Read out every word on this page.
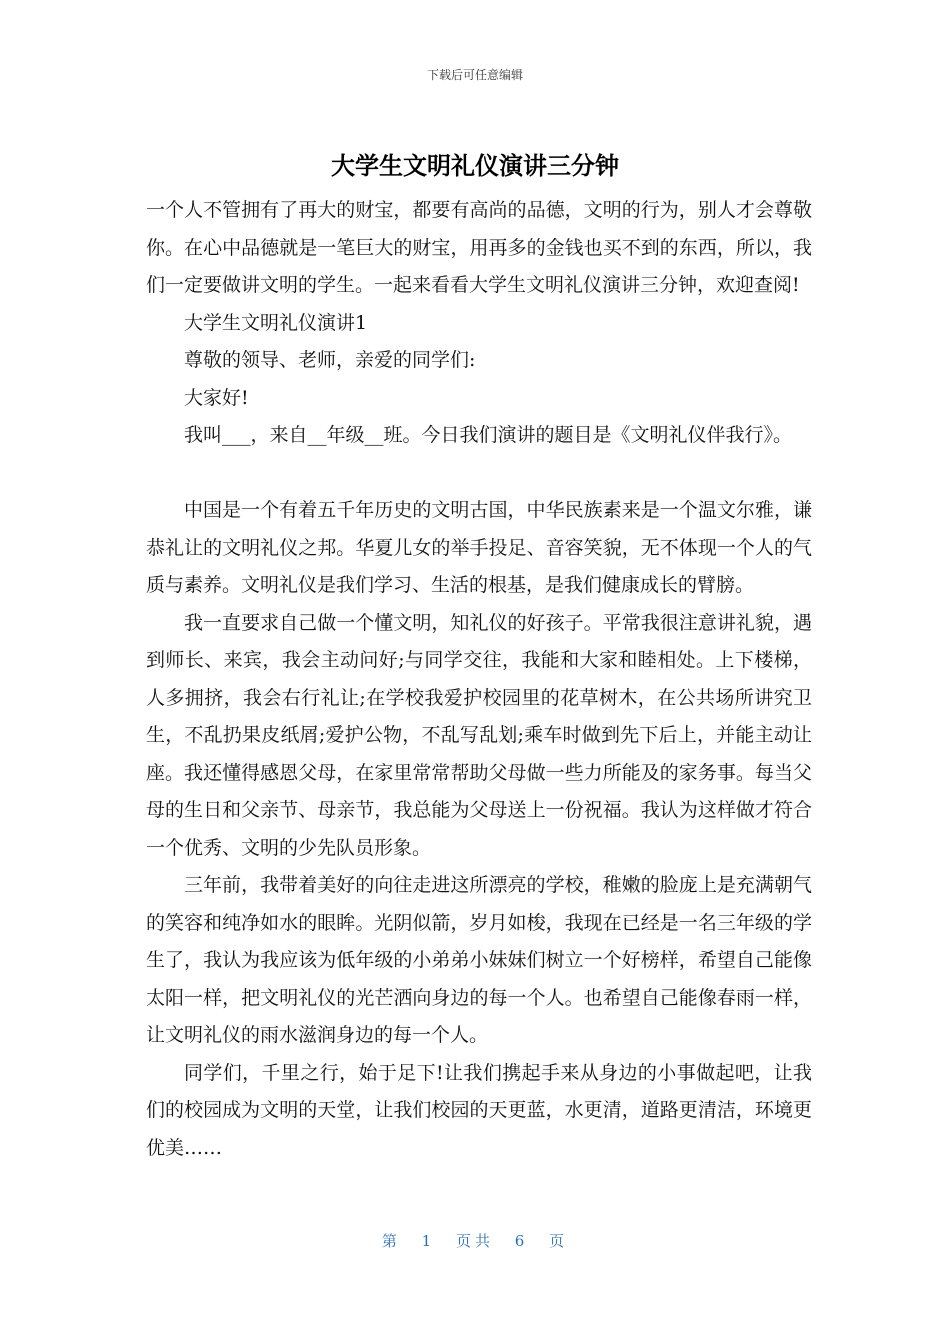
下载后可任意编辑
大学生文明礼仪演讲三分钟

一个人不管拥有了再大的财宝，都要有高尚的品德，文明的行为，别人才会尊敬你。在心中品德就是一笔巨大的财宝，用再多的金钱也买不到的东西，所以，我们一定要做讲文明的学生。一起来看看大学生文明礼仪演讲三分钟，欢迎查阅!

大学生文明礼仪演讲1

尊敬的领导、老师，亲爱的同学们:

大家好!

我叫___，来自__年级__班。今日我们演讲的题目是《文明礼仪伴我行》。

中国是一个有着五千年历史的文明古国，中华民族素来是一个温文尔雅，谦恭礼让的文明礼仪之邦。华夏儿女的举手投足、音容笑貌，无不体现一个人的气质与素养。文明礼仪是我们学习、生活的根基，是我们健康成长的臂膀。

我一直要求自己做一个懂文明，知礼仪的好孩子。平常我很注意讲礼貌，遇到师长、来宾，我会主动问好;与同学交往，我能和大家和睦相处。上下楼梯，人多拥挤，我会右行礼让;在学校我爱护校园里的花草树木，在公共场所讲究卫生，不乱扔果皮纸屑;爱护公物，不乱写乱划;乘车时做到先下后上，并能主动让座。我还懂得感恩父母，在家里常常帮助父母做一些力所能及的家务事。每当父母的生日和父亲节、母亲节，我总能为父母送上一份祝福。我认为这样做才符合一个优秀、文明的少先队员形象。

三年前，我带着美好的向往走进这所漂亮的学校，稚嫩的脸庞上是充满朝气的笑容和纯净如水的眼眸。光阴似箭，岁月如梭，我现在已经是一名三年级的学生了，我认为我应该为低年级的小弟弟小妹妹们树立一个好榜样，希望自己能像太阳一样，把文明礼仪的光芒洒向身边的每一个人。也希望自己能像春雨一样，让文明礼仪的雨水滋润身边的每一个人。

同学们，千里之行，始于足下!让我们携起手来从身边的小事做起吧，让我们的校园成为文明的天堂，让我们校园的天更蓝，水更清，道路更清洁，环境更优美……

第 1 页共 6 页
